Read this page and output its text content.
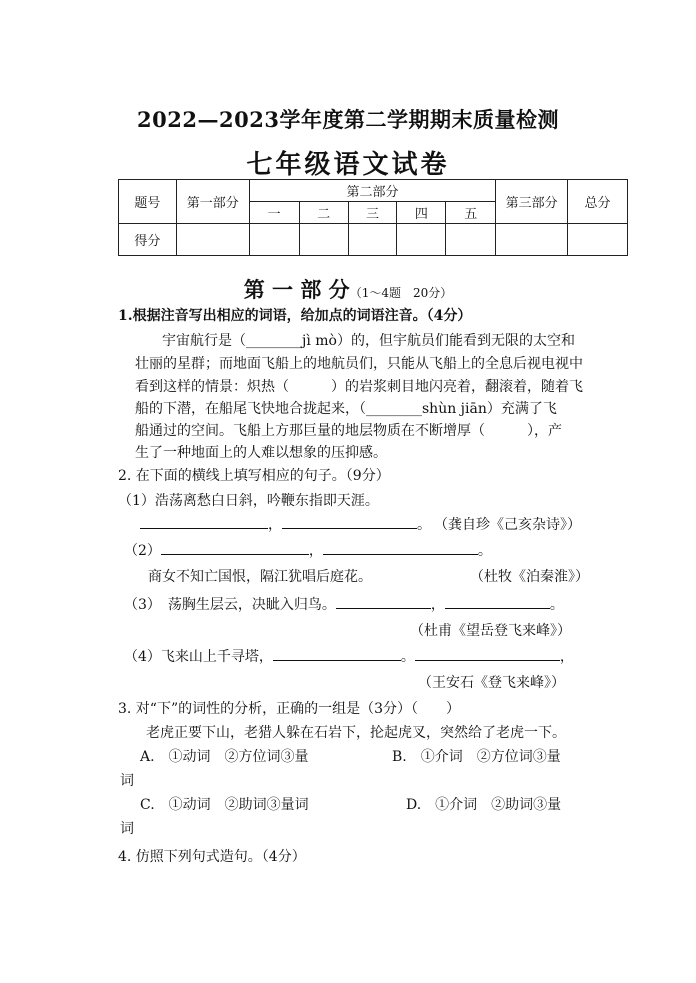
2022—2023学年度第二学期期末质量检测
七年级语文试卷
题号	第一部分	第二部分					第三部分	总分
		一	二	三	四	五		
得分								
第 一 部 分（1～4题　20分）
1.根据注音写出相应的词语，给加点的词语注音。（4分）
宇宙航行是（________jì mò）的，但宇航员们能看到无限的太空和
壮丽的星群；而地面飞船上的地航员们，只能从飞船上的全息后视电视中
看到这样的情景：炽热（　　　）的岩浆刺目地闪亮着，翻滚着，随着飞
船的下潜，在船尾飞快地合拢起来，（________shùn jiān）充满了飞
船通过的空间。飞船上方那巨量的地层物质在不断增厚（　　　），产
生了一种地面上的人难以想象的压抑感。
2. 在下面的横线上填写相应的句子。（9分）
（1）浩荡离愁白日斜，吟鞭东指即天涯。
，	。 （龚自珍《己亥杂诗》）
（2）	，	。
商女不知亡国恨，隔江犹唱后庭花。	（杜牧《泊秦淮》）
（3）　荡胸生层云，决眦入归鸟。	，	。
（杜甫《望岳登飞来峰》）
（4）飞来山上千寻塔，	。	，
（王安石《登飞来峰》）
3. 对“下”的词性的分析，正确的一组是（3分）（　　）
老虎正要下山，老猎人躲在石岩下，抡起虎叉，突然给了老虎一下。
A.　①动词　②方位词③量	B.　①介词　②方位词③量
词
C.　①动词　②助词③量词	D.　①介词　②助词③量
词
4. 仿照下列句式造句。（4分）
